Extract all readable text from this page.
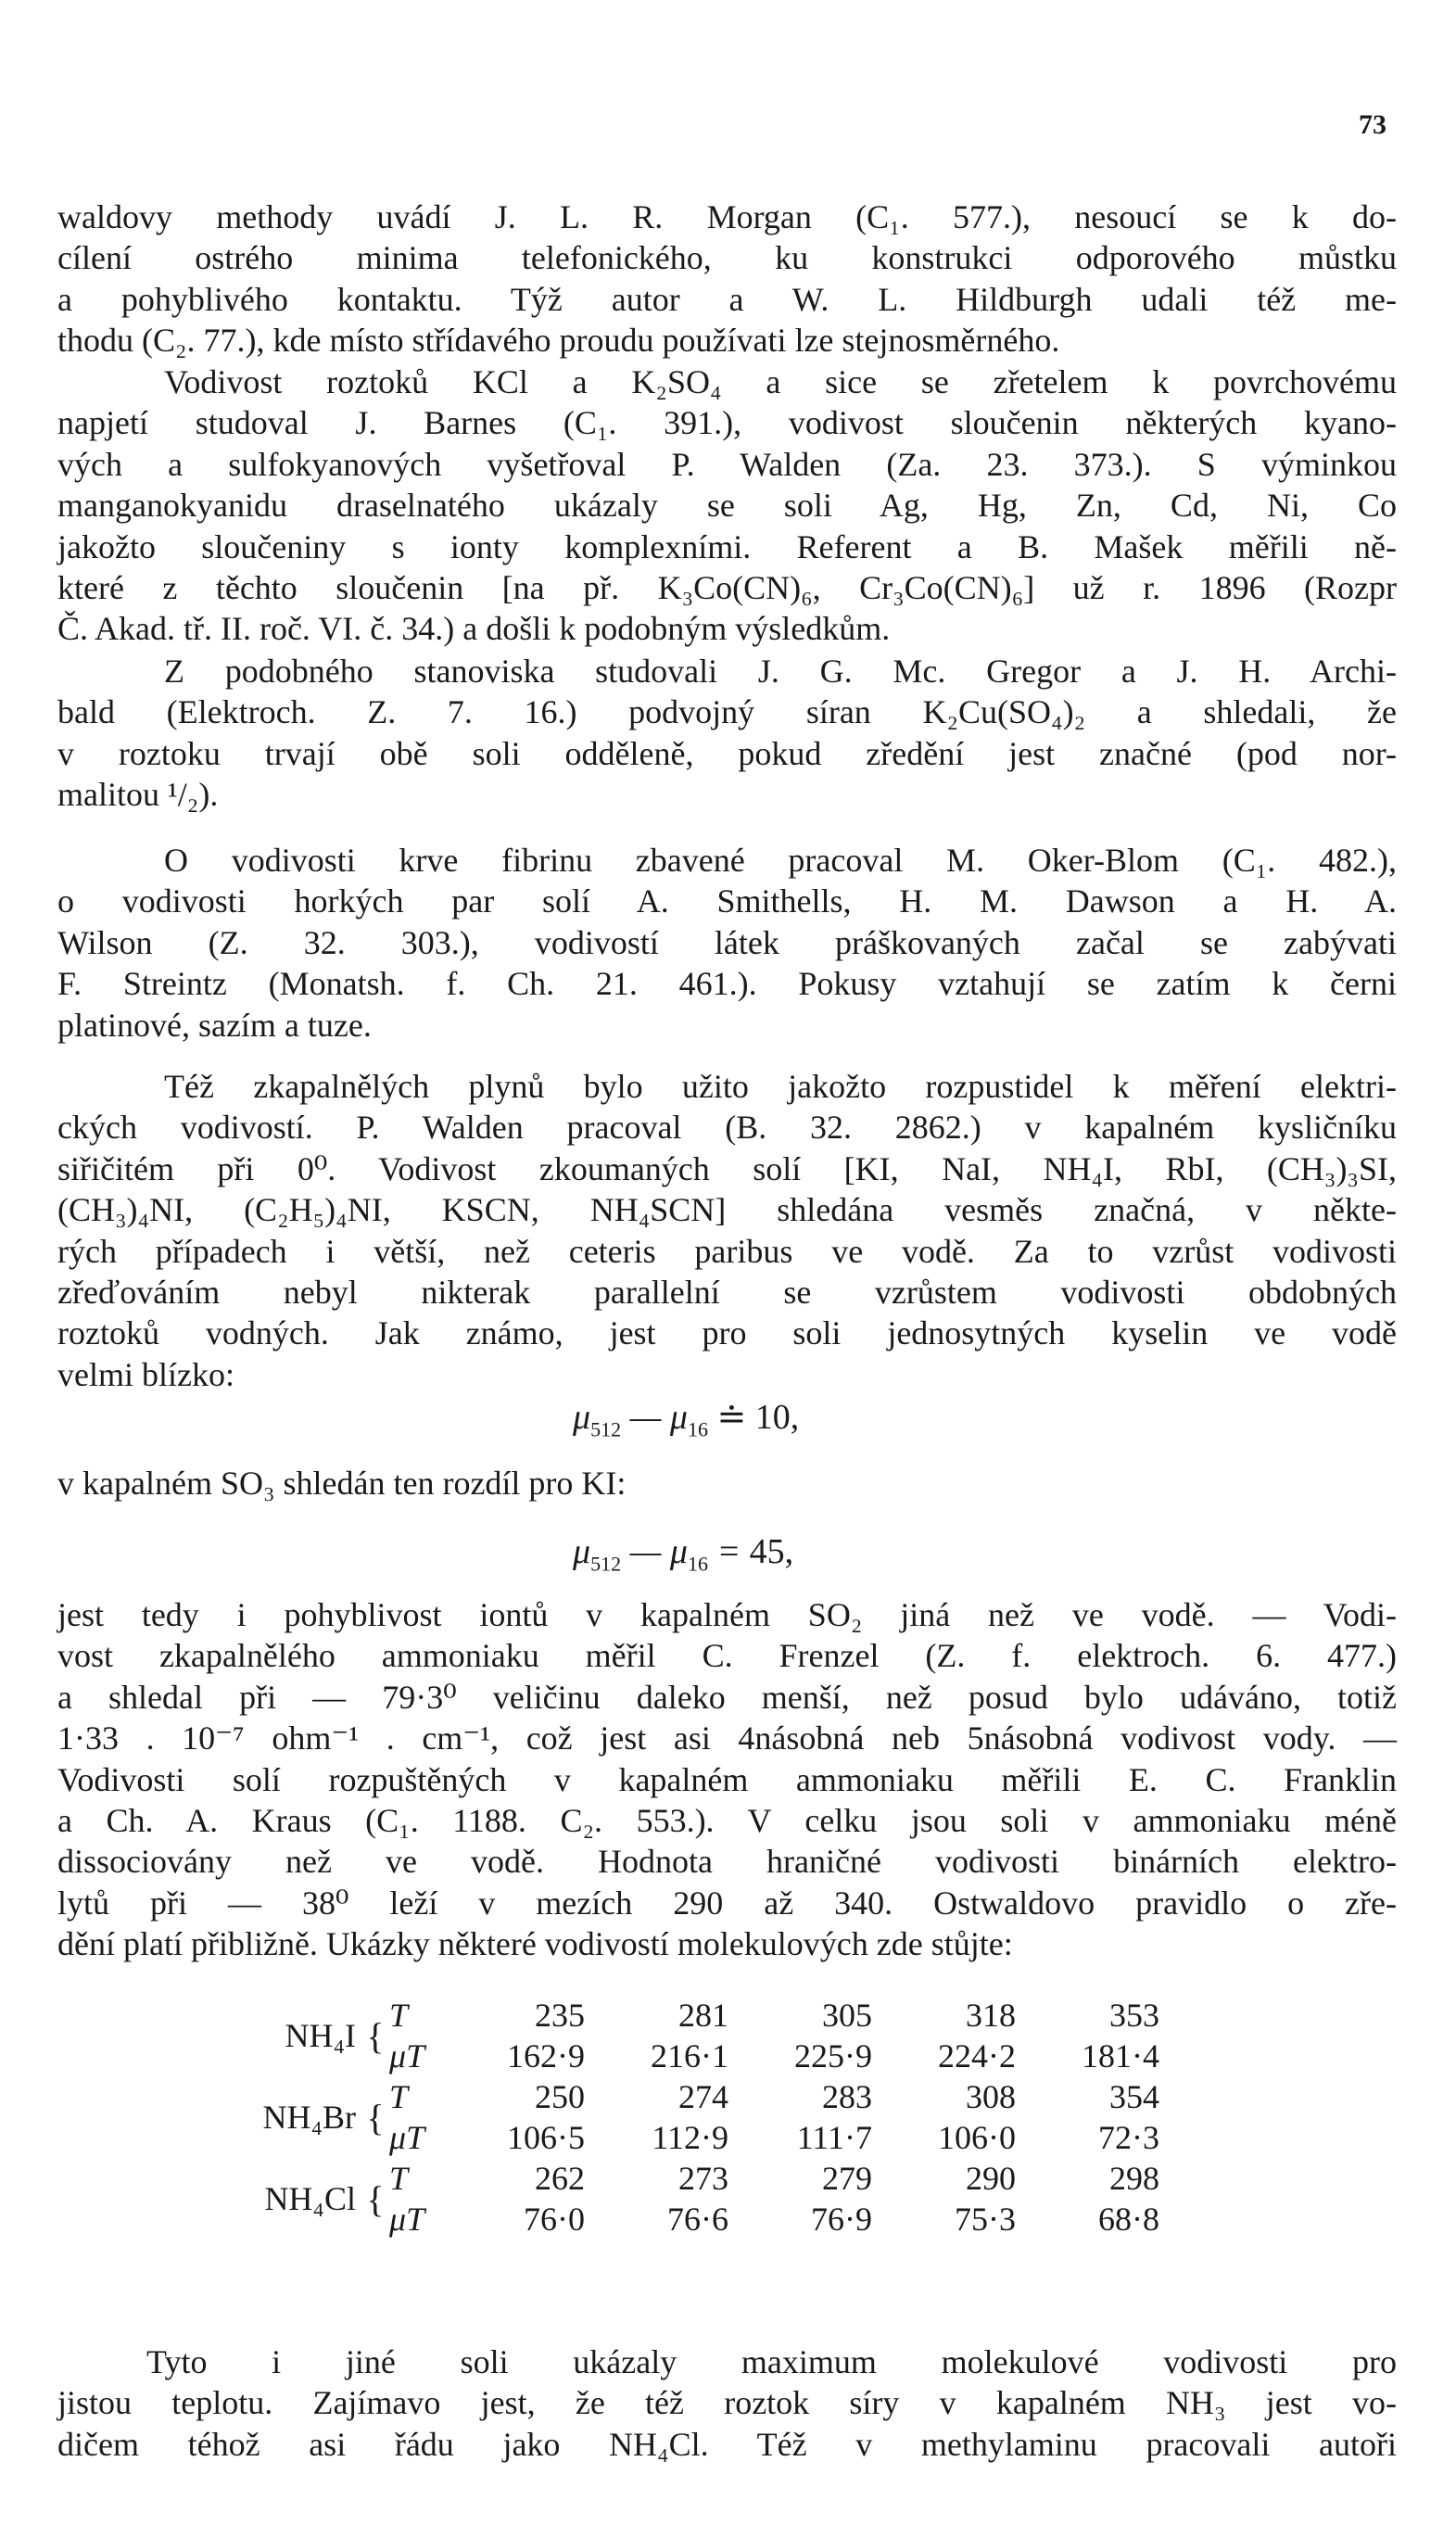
73
waldovy methody uvádí J. L. R. Morgan (C₁. 577.), nesoucí se k do-
cílení ostrého minima telefonického, ku konstrukci odporového můstku
a pohyblivého kontaktu. Týž autor a W. L. Hildburgh udali též me-
thodu (C₂. 77.), kde místo střídavého proudu používati lze stejnosměrného.
Vodivost roztoků KCl a K₂SO₄ a sice se zřetelem k povrchovému
napjetí studoval J. Barnes (C₁. 391.), vodivost sloučenin některých kyano-
vých a sulfokyanových vyšetřoval P. Walden (Za. 23. 373.). S výminkou
manganokyanidu draselnatého ukázaly se soli Ag, Hg, Zn, Cd, Ni, Co
jakožto sloučeniny s ionty komplexními. Referent a B. Mašek měřili ně-
které z těchto sloučenin [na př. K₃Co(CN)₆, Cr₃Co(CN)₆] už r. 1896 (Rozpr
Č. Akad. tř. II. roč. VI. č. 34.) a došli k podobným výsledkům.
Z podobného stanoviska studovali J. G. Mc. Gregor a J. H. Archi-
bald (Elektroch. Z. 7. 16.) podvojný síran K₂Cu(SO₄)₂ a shledali, že
v roztoku trvají obě soli odděleně, pokud zředění jest značné (pod nor-
malitou ¹/₂).
O vodivosti krve fibrinu zbavené pracoval M. Oker-Blom (C₁. 482.),
o vodivosti horkých par solí A. Smithells, H. M. Dawson a H. A.
Wilson (Z. 32. 303.), vodivostí látek práškovaných začal se zabývati
F. Streintz (Monatsh. f. Ch. 21. 461.). Pokusy vztahují se zatím k černi
platinové, sazím a tuze.
Též zkapalnělých plynů bylo užito jakožto rozpustidel k měření elektri-
ckých vodivostí. P. Walden pracoval (B. 32. 2862.) v kapalném kysličníku
siřičitém při 0⁰. Vodivost zkoumaných solí [KI, NaI, NH₄I, RbI, (CH₃)₃SI,
(CH₃)₄NI, (C₂H₅)₄NI, KSCN, NH₄SCN] shledána vesměs značná, v někte-
rých případech i větší, než ceteris paribus ve vodě. Za to vzrůst vodivosti
zřeďováním nebyl nikterak parallelní se vzrůstem vodivosti obdobných
roztoků vodných. Jak známo, jest pro soli jednosytných kyselin ve vodě
velmi blízko:
$\mu_{512}$ — $\mu_{16}$ ≐ 10,
v kapalném SO₃ shledán ten rozdíl pro KI:
$\mu_{512}$ — $\mu_{16} = 45$,
jest tedy i pohyblivost iontů v kapalném SO₂ jiná než ve vodě. — Vodi-
vost zkapalnělého ammoniaku měřil C. Frenzel (Z. f. elektroch. 6. 477.)
a shledal při — 79·3⁰ veličinu daleko menší, než posud bylo udáváno, totiž
1·33 . 10⁻⁷ ohm⁻¹ . cm⁻¹, což jest asi 4násobná neb 5násobná vodivost vody. —
Vodivosti solí rozpuštěných v kapalném ammoniaku měřili E. C. Franklin
a Ch. A. Kraus (C₁. 1188. C₂. 553.). V celku jsou soli v ammoniaku méně
dissociovány než ve vodě. Hodnota hraničné vodivosti binárních elektro-
lytů při — 38⁰ leží v mezích 290 až 340. Ostwaldovo pravidlo o zře-
dění platí přibližně. Ukázky některé vodivostí molekulových zde stůjte:
NH₄I	{	T	235	281	305	318	353
		μT	162·9	216·1	225·9	224·2	181·4
NH₄Br	{	T	250	274	283	308	354
		μT	106·5	112·9	111·7	106·0	72·3
NH₄Cl	{	T	262	273	279	290	298
		μT	76·0	76·6	76·9	75·3	68·8
Tyto i jiné soli ukázaly maximum molekulové vodivosti pro
jistou teplotu. Zajímavo jest, že též roztok síry v kapalném NH₃ jest vo-
dičem téhož asi řádu jako NH₄Cl. Též v methylaminu pracovali autoři
